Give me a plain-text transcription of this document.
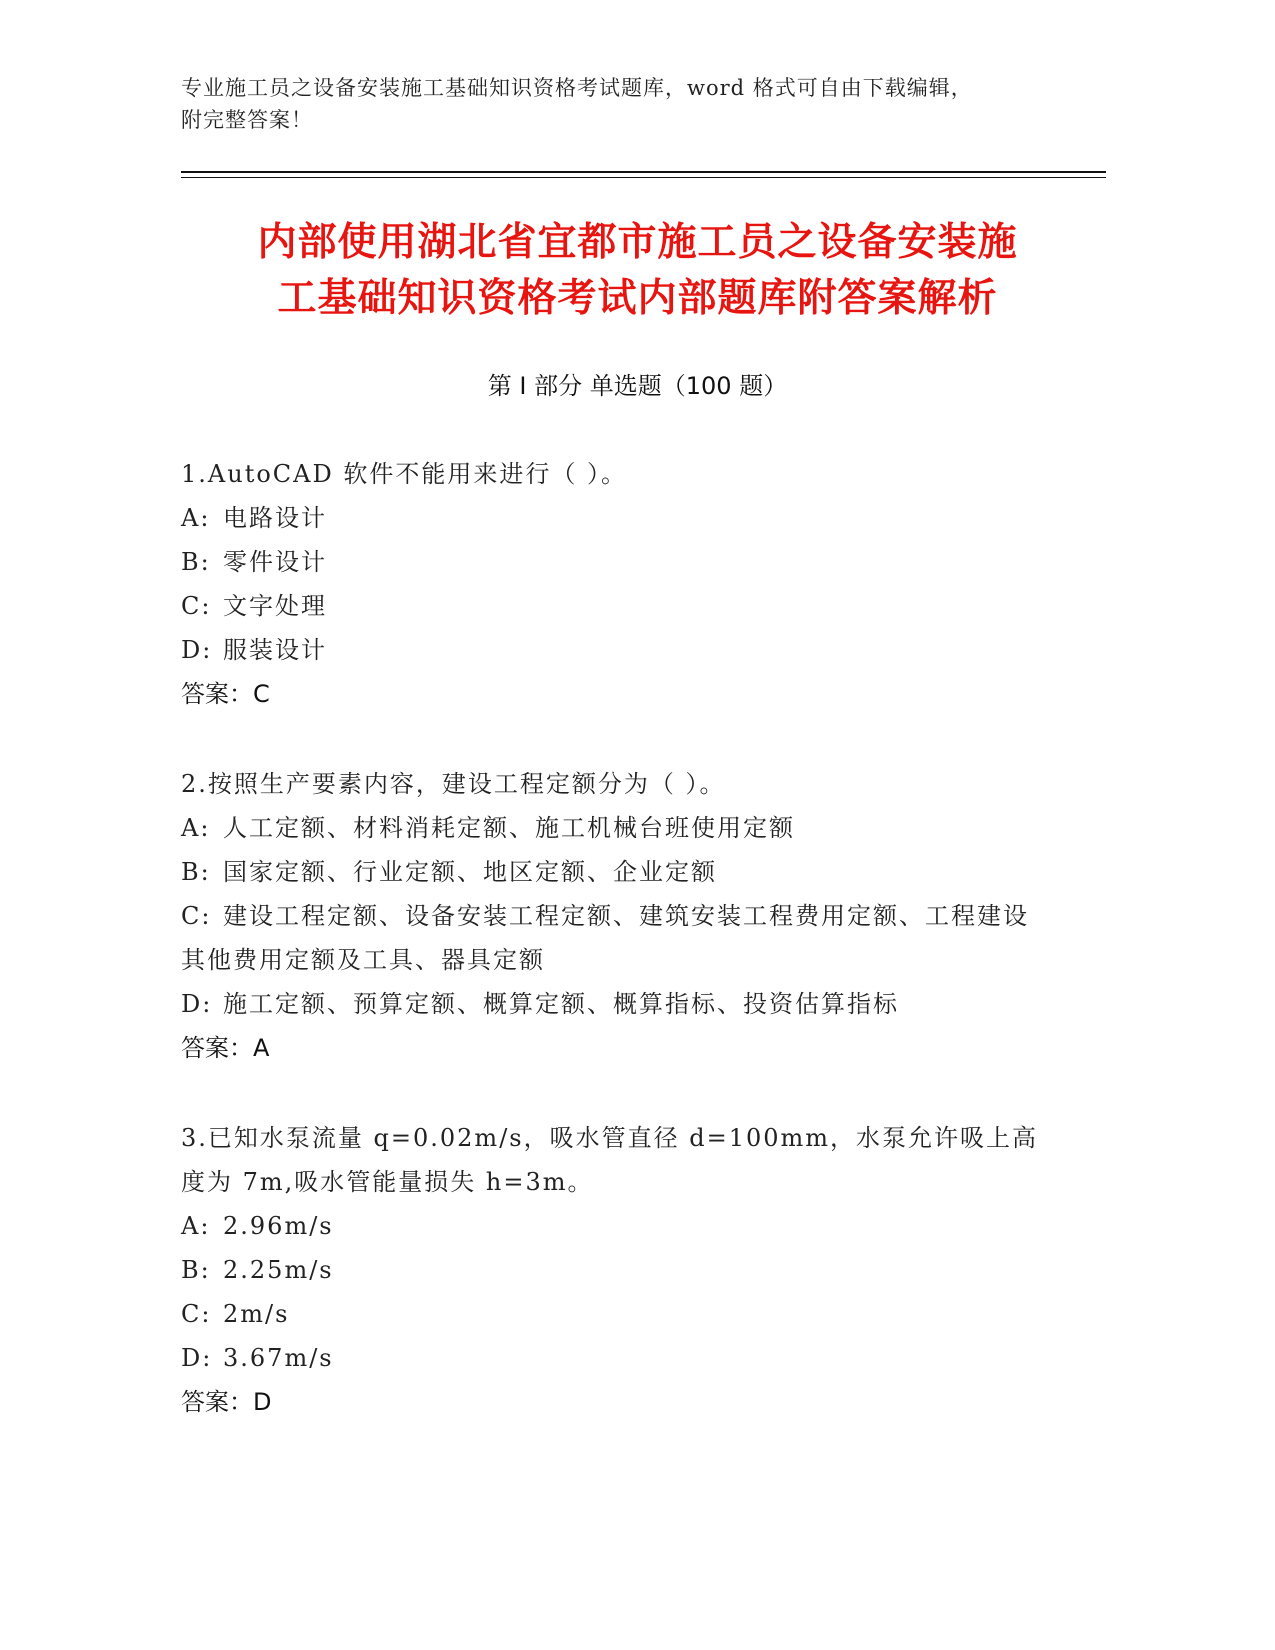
专业施工员之设备安装施工基础知识资格考试题库，word 格式可自由下载编辑，
附完整答案！
内部使用湖北省宜都市施工员之设备安装施
工基础知识资格考试内部题库附答案解析
第 I 部分 单选题（100 题）
1.AutoCAD 软件不能用来进行（ ）。
A: 电路设计
B: 零件设计
C: 文字处理
D: 服装设计
答案：C
2.按照生产要素内容，建设工程定额分为（ ）。
A: 人工定额、材料消耗定额、施工机械台班使用定额
B: 国家定额、行业定额、地区定额、企业定额
C: 建设工程定额、设备安装工程定额、建筑安装工程费用定额、工程建设其他费用定额及工具、器具定额
D: 施工定额、预算定额、概算定额、概算指标、投资估算指标
答案：A
3.已知水泵流量 q=0.02m/s，吸水管直径 d=100mm，水泵允许吸上高度为 7m,吸水管能量损失 h=3m。
A: 2.96m/s
B: 2.25m/s
C: 2m/s
D: 3.67m/s
答案：D
